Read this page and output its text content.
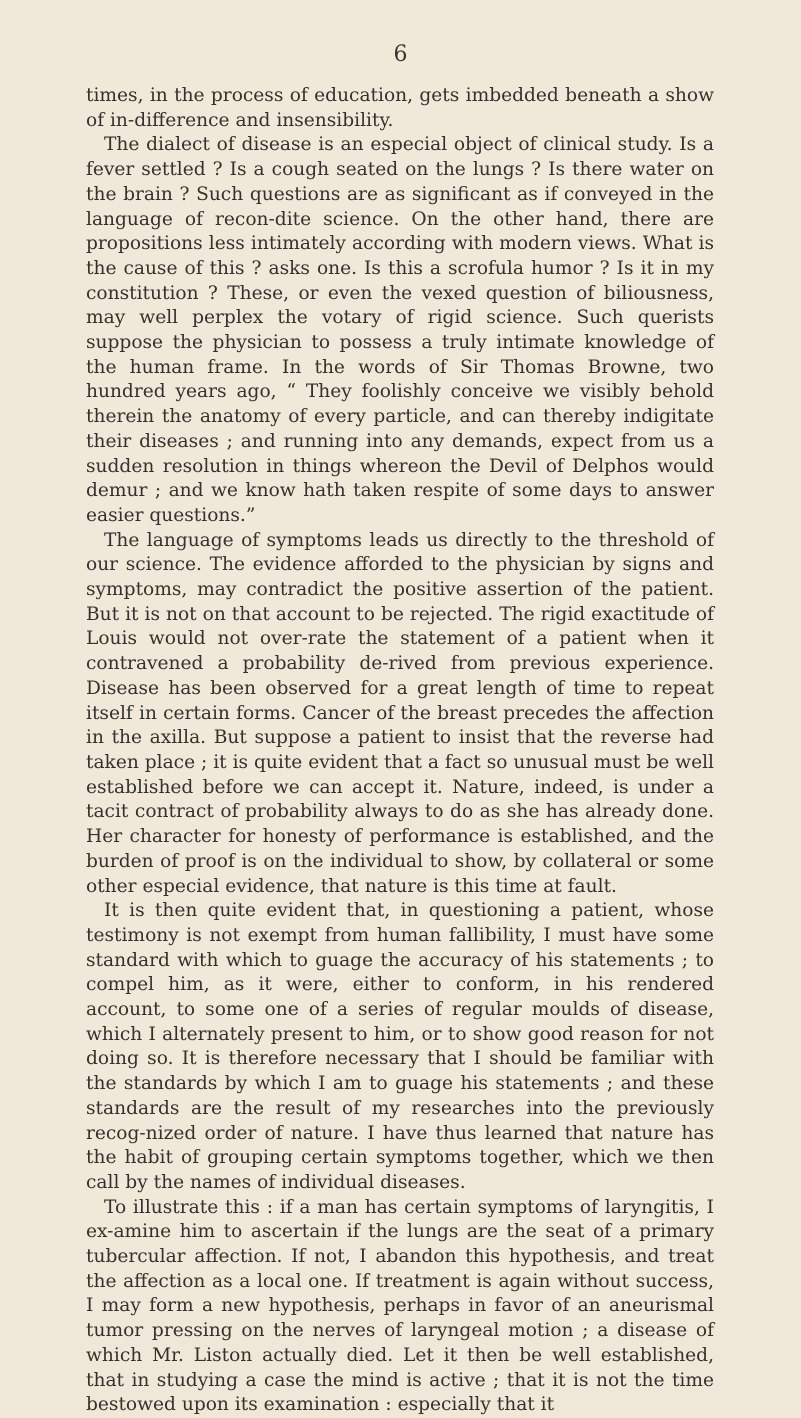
6

times, in the process of education, gets imbedded beneath a show of in-difference and insensibility.

The dialect of disease is an especial object of clinical study. Is a fever settled ? Is a cough seated on the lungs ? Is there water on the brain ? Such questions are as significant as if conveyed in the language of recon-dite science. On the other hand, there are propositions less intimately according with modern views. What is the cause of this ? asks one. Is this a scrofula humor ? Is it in my constitution ? These, or even the vexed question of biliousness, may well perplex the votary of rigid science. Such querists suppose the physician to possess a truly intimate knowledge of the human frame. In the words of Sir Thomas Browne, two hundred years ago, “ They foolishly conceive we visibly behold therein the anatomy of every particle, and can thereby indigitate their diseases ; and running into any demands, expect from us a sudden resolution in things whereon the Devil of Delphos would demur ; and we know hath taken respite of some days to answer easier questions.”

The language of symptoms leads us directly to the threshold of our science. The evidence afforded to the physician by signs and symptoms, may contradict the positive assertion of the patient. But it is not on that account to be rejected. The rigid exactitude of Louis would not over-rate the statement of a patient when it contravened a probability de-rived from previous experience. Disease has been observed for a great length of time to repeat itself in certain forms. Cancer of the breast precedes the affection in the axilla. But suppose a patient to insist that the reverse had taken place ; it is quite evident that a fact so unusual must be well established before we can accept it. Nature, indeed, is under a tacit contract of probability always to do as she has already done. Her character for honesty of performance is established, and the burden of proof is on the individual to show, by collateral or some other especial evidence, that nature is this time at fault.

It is then quite evident that, in questioning a patient, whose testimony is not exempt from human fallibility, I must have some standard with which to guage the accuracy of his statements ; to compel him, as it were, either to conform, in his rendered account, to some one of a series of regular moulds of disease, which I alternately present to him, or to show good reason for not doing so. It is therefore necessary that I should be familiar with the standards by which I am to guage his statements ; and these standards are the result of my researches into the previously recog-nized order of nature. I have thus learned that nature has the habit of grouping certain symptoms together, which we then call by the names of individual diseases.

To illustrate this : if a man has certain symptoms of laryngitis, I ex-amine him to ascertain if the lungs are the seat of a primary tubercular affection. If not, I abandon this hypothesis, and treat the affection as a local one. If treatment is again without success, I may form a new hypothesis, perhaps in favor of an aneurismal tumor pressing on the nerves of laryngeal motion ; a disease of which Mr. Liston actually died. Let it then be well established, that in studying a case the mind is active ; that it is not the time bestowed upon its examination : especially that it
